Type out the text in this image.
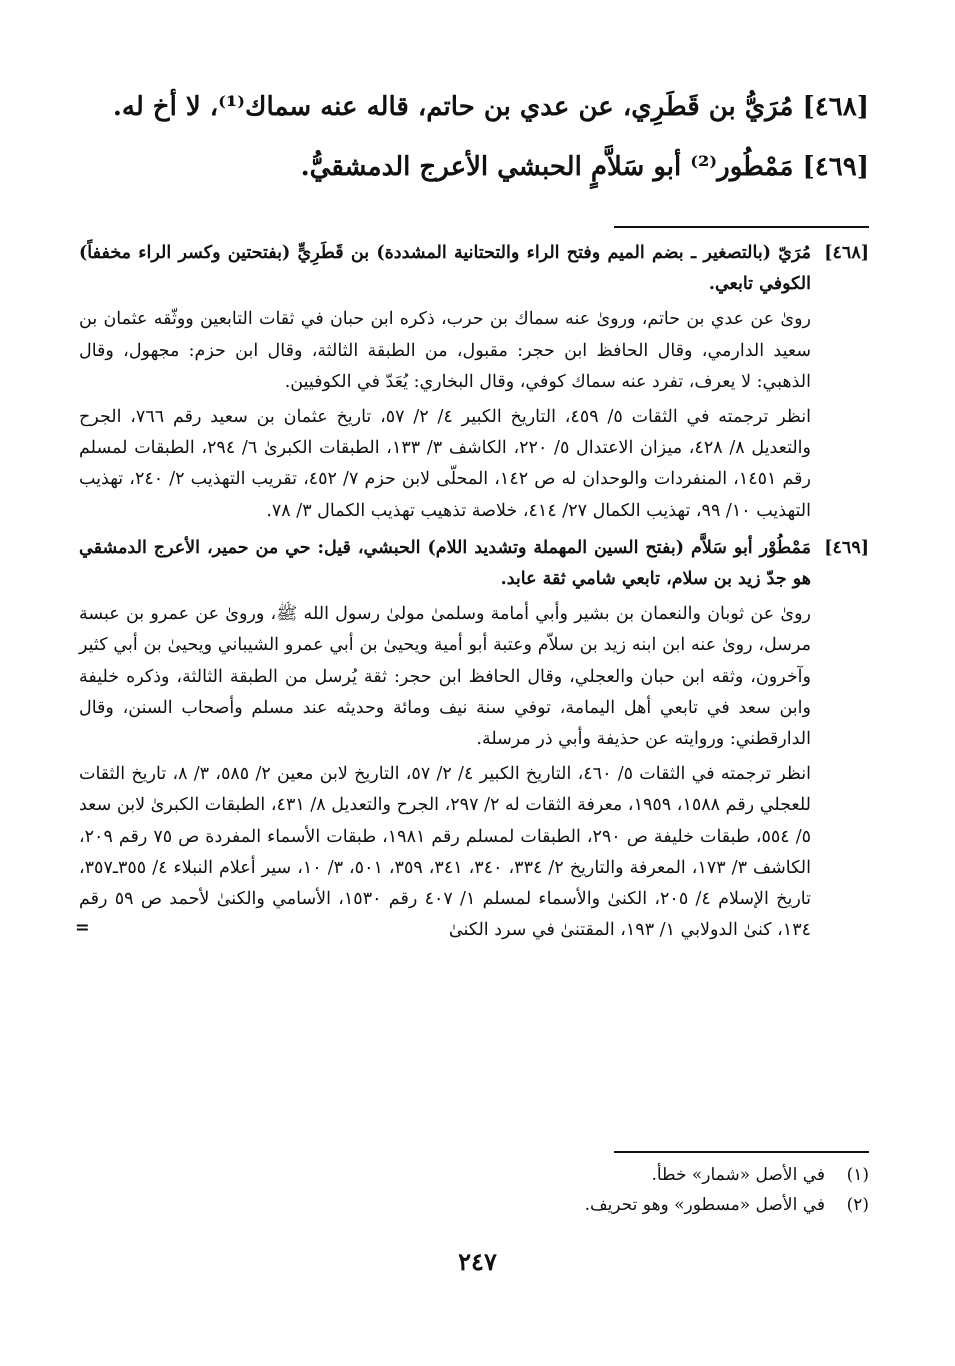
[٤٦٨] مُرَيُّ بن قَطَرِي، عن عدي بن حاتم، قاله عنه سماك⁽¹⁾، لا أخ له.

[٤٦٩] مَمْطُور⁽²⁾ أبو سَلاَّمٍ الحبشي الأعرج الدمشقيُّ.

[٤٦٨]

مُرَيّ (بالتصغير ـ بضم الميم وفتح الراء والتحتانية المشددة) بن قَطَرِيٍّ (بفتحتين وكسر الراء مخففاً) الكوفي تابعي.

روىٰ عن عدي بن حاتم، وروىٰ عنه سماك بن حرب، ذكره ابن حبان في ثقات التابعين ووثّقه عثمان بن سعيد الدارمي، وقال الحافظ ابن حجر: مقبول، من الطبقة الثالثة، وقال ابن حزم: مجهول، وقال الذهبي: لا يعرف، تفرد عنه سماك كوفي، وقال البخاري: يُعَدّ في الكوفيين.

انظر ترجمته في الثقات ٥/ ٤٥٩، التاريخ الكبير ٤/ ٢/ ٥٧، تاريخ عثمان بن سعيد رقم ٧٦٦، الجرح والتعديل ٨/ ٤٢٨، ميزان الاعتدال ٥/ ٢٢٠، الكاشف ٣/ ١٣٣، الطبقات الكبرىٰ ٦/ ٢٩٤، الطبقات لمسلم رقم ١٤٥١، المنفردات والوحدان له ص ١٤٢، المحلّى لابن حزم ٧/ ٤٥٢، تقريب التهذيب ٢/ ٢٤٠، تهذيب التهذيب ١٠/ ٩٩، تهذيب الكمال ٢٧/ ٤١٤، خلاصة تذهيب تهذيب الكمال ٣/ ٧٨.

[٤٦٩]

مَمْطُوْر أبو سَلاَّم (بفتح السين المهملة وتشديد اللام) الحبشي، قيل: حي من حمير، الأعرج الدمشقي هو جدّ زيد بن سلام، تابعي شامي ثقة عابد.

روىٰ عن ثوبان والنعمان بن بشير وأبي أمامة وسلمىٰ مولىٰ رسول الله ﷺ، وروىٰ عن عمرو بن عبسة مرسل، روىٰ عنه ابن ابنه زيد بن سلاّم وعتبة أبو أمية ويحيىٰ بن أبي عمرو الشيباني ويحيىٰ بن أبي كثير وآخرون، وثقه ابن حبان والعجلي، وقال الحافظ ابن حجر: ثقة يُرسل من الطبقة الثالثة، وذكره خليفة وابن سعد في تابعي أهل اليمامة، توفي سنة نيف ومائة وحديثه عند مسلم وأصحاب السنن، وقال الدارقطني: وروايته عن حذيفة وأبي ذر مرسلة.

انظر ترجمته في الثقات ٥/ ٤٦٠، التاريخ الكبير ٤/ ٢/ ٥٧، التاريخ لابن معين ٢/ ٥٨٥، ٣/ ٨، تاريخ الثقات للعجلي رقم ١٥٨٨، ١٩٥٩، معرفة الثقات له ٢/ ٢٩٧، الجرح والتعديل ٨/ ٤٣١، الطبقات الكبرىٰ لابن سعد ٥/ ٥٥٤، طبقات خليفة ص ٢٩٠، الطبقات لمسلم رقم ١٩٨١، طبقات الأسماء المفردة ص ٧٥ رقم ٢٠٩، الكاشف ٣/ ١٧٣، المعرفة والتاريخ ٢/ ٣٣٤، ٣٤٠، ٣٤١، ٣٥٩، ٥٠١، ٣/ ١٠، سير أعلام النبلاء ٤/ ٣٥٥ـ٣٥٧، تاريخ الإسلام ٤/ ٢٠٥، الكنىٰ والأسماء لمسلم ١/ ٤٠٧ رقم ١٥٣٠، الأسامي والكنىٰ لأحمد ص ٥٩ رقم ١٣٤، كنىٰ الدولابي ١/ ١٩٣، المقتنىٰ في سرد الكنىٰ

=
(١)
في الأصل «شمار» خطأ.
(٢)
في الأصل «مسطور» وهو تحريف.
٢٤٧
